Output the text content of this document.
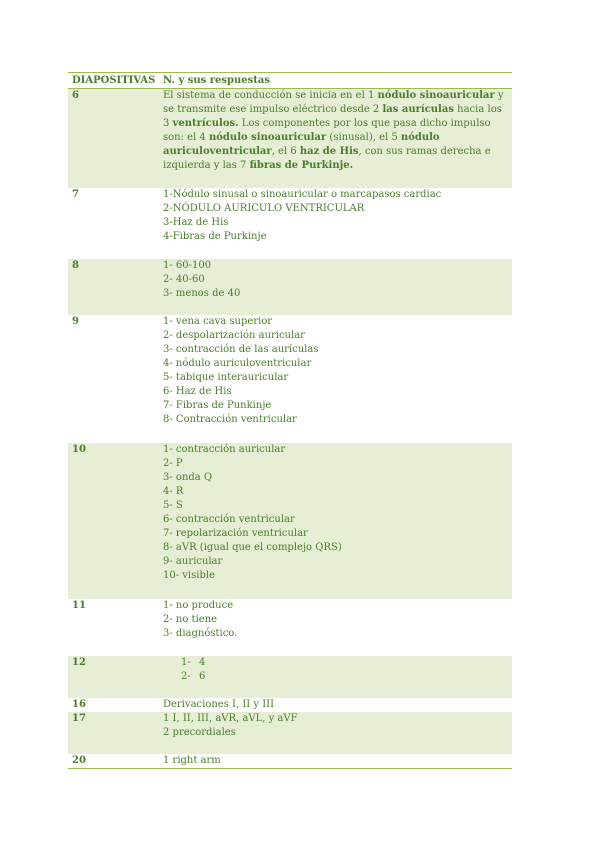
DIAPOSITIVAS N. y sus respuestas
6	El sistema de conducción se inicia en el 1 nódulo sinoauricular y se transmite ese impulso eléctrico desde 2 las aurículas hacia los 3 ventrículos. Los componentes por los que pasa dicho impulso son: el 4 nódulo sinoauricular (sinusal), el 5 nódulo auriculoventricular, el 6 haz de His, con sus ramas derecha e izquierda y las 7 fibras de Purkinje.
7	1-Nódulo sinusal o sinoauricular o marcapasos cardiac
2-NÓDULO AURICULO VENTRICULAR
3-Haz de His
4-Fibras de Purkinje
8	1- 60-100
2- 40-60
3- menos de 40
9	1- vena cava superior
2- despolarización auricular
3- contracción de las aurículas
4- nódulo auriculoventricular
5- tabique interauricular
6- Haz de His
7- Fibras de Punkinje
8- Contracción ventricular
10	1- contracción auricular
2- P
3- onda Q
4- R
5- S
6- contracción ventricular
7- repolarización ventricular
8- aVR (igual que el complejo QRS)
9- auricular
10- visible
11	1- no produce
2- no tiene
3- diagnóstico.
12	1- 4
2- 6
16	Derivaciones I, II y III
17	1 I, II, III, aVR, aVL, y aVF
2 precordiales
20	1 right arm
